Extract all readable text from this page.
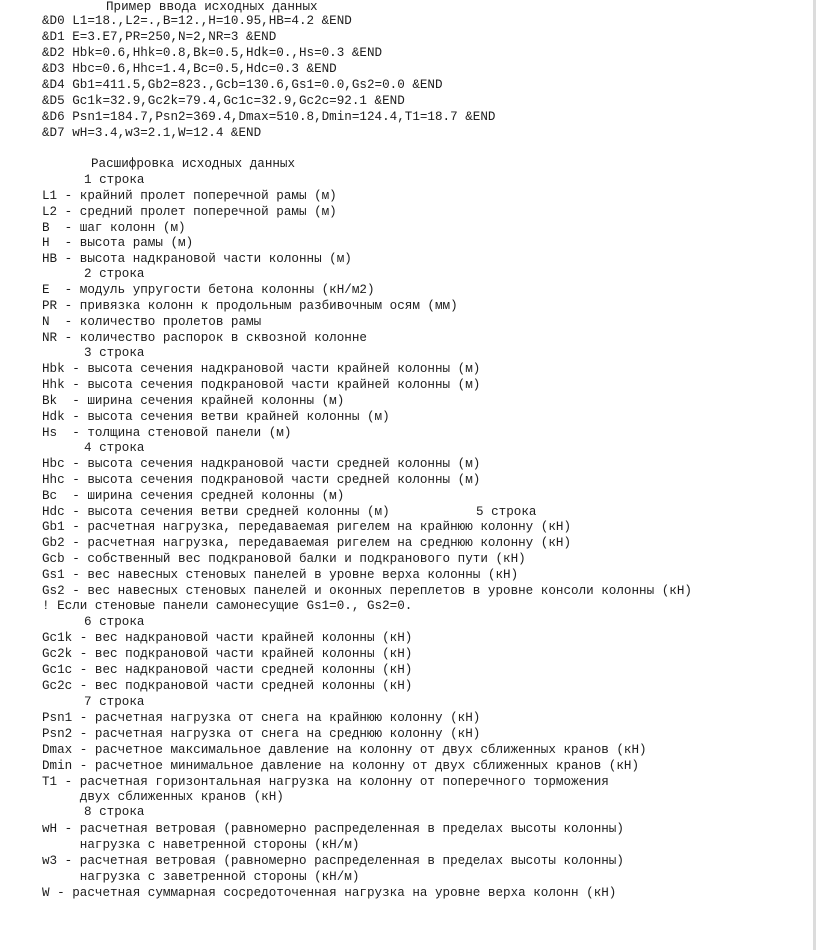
Пример ввода исходных данных
&D0 L1=18.,L2=.,B=12.,H=10.95,HB=4.2 &END
&D1 E=3.E7,PR=250,N=2,NR=3 &END
&D2 Hbk=0.6,Hhk=0.8,Bk=0.5,Hdk=0.,Hs=0.3 &END
&D3 Hbc=0.6,Hhc=1.4,Bc=0.5,Hdc=0.3 &END
&D4 Gb1=411.5,Gb2=823.,Gcb=130.6,Gs1=0.0,Gs2=0.0 &END
&D5 Gc1k=32.9,Gc2k=79.4,Gc1c=32.9,Gc2c=92.1 &END
&D6 Psn1=184.7,Psn2=369.4,Dmax=510.8,Dmin=124.4,T1=18.7 &END
&D7 wH=3.4,w3=2.1,W=12.4 &END
Расшифровка исходных данных
1 строка
L1 - крайний пролет поперечной рамы (м)
L2 - средний пролет поперечной рамы (м)
B  - шаг колонн (м)
H  - высота рамы (м)
HB - высота надкрановой части колонны (м)
2 строка
E  - модуль упругости бетона колонны (кН/м2)
PR - привязка колонн к продольным разбивочным осям (мм)
N  - количество пролетов рамы
NR - количество распорок в сквозной колонне
3 строка
Hbk - высота сечения надкрановой части крайней колонны (м)
Hhk - высота сечения подкрановой части крайней колонны (м)
Bk  - ширина сечения крайней колонны (м)
Hdk - высота сечения ветви крайней колонны (м)
Hs  - толщина стеновой панели (м)
4 строка
Hbc - высота сечения надкрановой части средней колонны (м)
Hhc - высота сечения подкрановой части средней колонны (м)
Bc  - ширина сечения средней колонны (м)
Hdc - высота сечения ветви средней колонны (м)	5 строка
Gb1 - расчетная нагрузка, передаваемая ригелем на крайнюю колонну (кН)
Gb2 - расчетная нагрузка, передаваемая ригелем на среднюю колонну (кН)
Gcb - собственный вес подкрановой балки и подкранового пути (кН)
Gs1 - вес навесных стеновых панелей в уровне верха колонны (кН)
Gs2 - вес навесных стеновых панелей и оконных переплетов в уровне консоли колонны (кН)
! Если стеновые панели самонесущие Gs1=0., Gs2=0.
6 строка
Gc1k - вес надкрановой части крайней колонны (кН)
Gc2k - вес подкрановой части крайней колонны (кН)
Gc1c - вес надкрановой части средней колонны (кН)
Gc2c - вес подкрановой части средней колонны (кН)
7 строка
Psn1 - расчетная нагрузка от снега на крайнюю колонну (кН)
Psn2 - расчетная нагрузка от снега на среднюю колонну (кН)
Dmax - расчетное максимальное давление на колонну от двух сближенных кранов (кН)
Dmin - расчетное минимальное давление на колонну от двух сближенных кранов (кН)
T1 - расчетная горизонтальная нагрузка на колонну от поперечного торможения
двух сближенных кранов (кН)
8 строка
wH - расчетная ветровая (равномерно распределенная в пределах высоты колонны)
нагрузка с наветренной стороны (кН/м)
w3 - расчетная ветровая (равномерно распределенная в пределах высоты колонны)
нагрузка с заветренной стороны (кН/м)
W - расчетная суммарная сосредоточенная нагрузка на уровне верха колонн (кН)
